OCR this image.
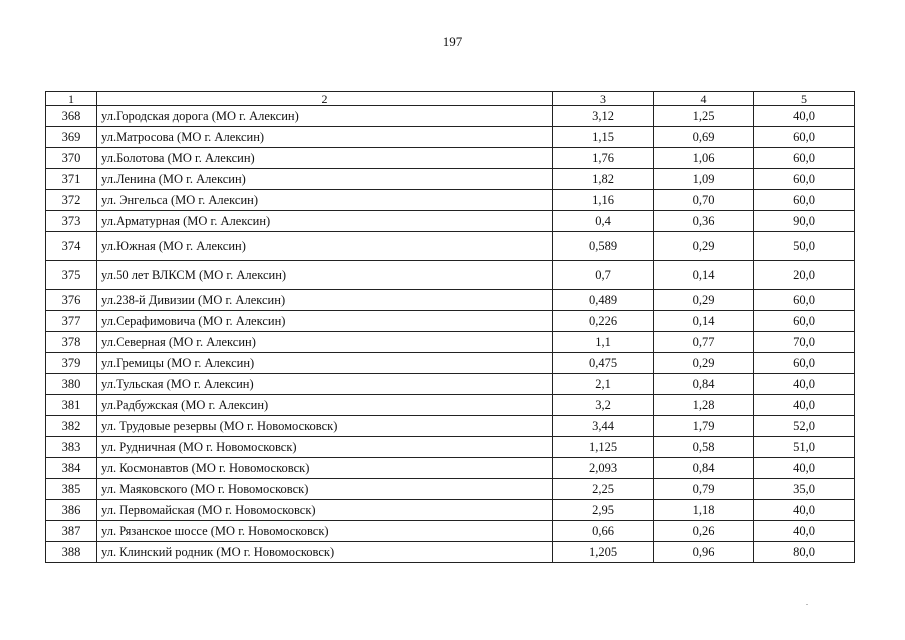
197
1	2	3	4	5
368	ул.Городская дорога (МО г. Алексин)	3,12	1,25	40,0
369	ул.Матросова (МО г. Алексин)	1,15	0,69	60,0
370	ул.Болотова (МО г. Алексин)	1,76	1,06	60,0
371	ул.Ленина (МО г. Алексин)	1,82	1,09	60,0
372	ул. Энгельса (МО г. Алексин)	1,16	0,70	60,0
373	ул.Арматурная (МО г. Алексин)	0,4	0,36	90,0
374	ул.Южная (МО г. Алексин)	0,589	0,29	50,0
375	ул.50 лет ВЛКСМ (МО г. Алексин)	0,7	0,14	20,0
376	ул.238-й Дивизии (МО г. Алексин)	0,489	0,29	60,0
377	ул.Серафимовича (МО г. Алексин)	0,226	0,14	60,0
378	ул.Северная (МО г. Алексин)	1,1	0,77	70,0
379	ул.Гремицы (МО г. Алексин)	0,475	0,29	60,0
380	ул.Тульская (МО г. Алексин)	2,1	0,84	40,0
381	ул.Радбужская (МО г. Алексин)	3,2	1,28	40,0
382	ул. Трудовые резервы (МО г. Новомосковск)	3,44	1,79	52,0
383	ул. Рудничная (МО г. Новомосковск)	1,125	0,58	51,0
384	ул. Космонавтов (МО г. Новомосковск)	2,093	0,84	40,0
385	ул. Маяковского (МО г. Новомосковск)	2,25	0,79	35,0
386	ул. Первомайская (МО г. Новомосковск)	2,95	1,18	40,0
387	ул. Рязанское шоссе (МО г. Новомосковск)	0,66	0,26	40,0
388	ул. Клинский родник (МО г. Новомосковск)	1,205	0,96	80,0
